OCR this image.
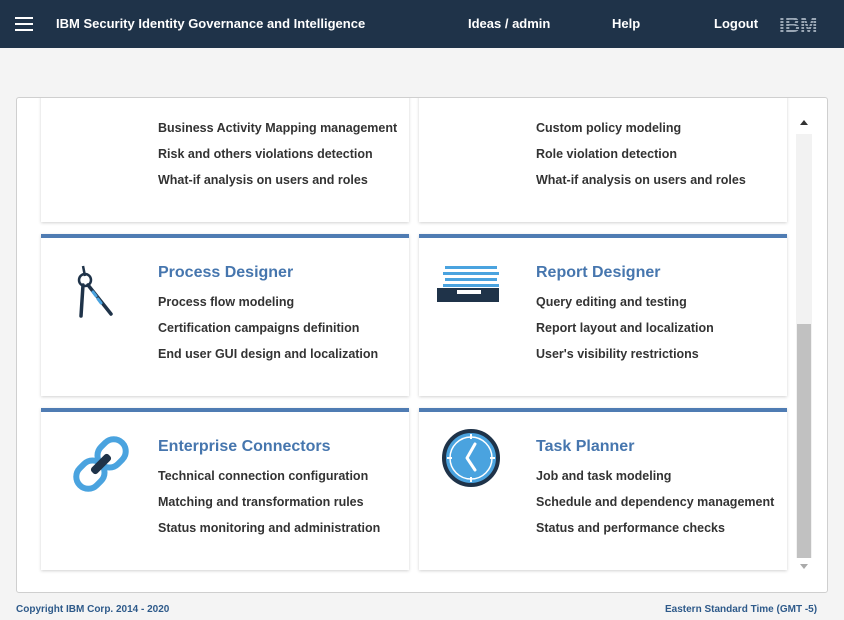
IBM Security Identity Governance and Intelligence	Ideas / admin	Help	Logout IBM
Business Activity Mapping management
Risk and others violations detection
What-if analysis on users and roles
Custom policy modeling
Role violation detection
What-if analysis on users and roles
Process Designer
Process flow modeling
Certification campaigns definition
End user GUI design and localization
Report Designer
Query editing and testing
Report layout and localization
User's visibility restrictions
Enterprise Connectors
Technical connection configuration
Matching and transformation rules
Status monitoring and administration
Task Planner
Job and task modeling
Schedule and dependency management
Status and performance checks
Copyright IBM Corp. 2014 - 2020	Eastern Standard Time (GMT -5)
